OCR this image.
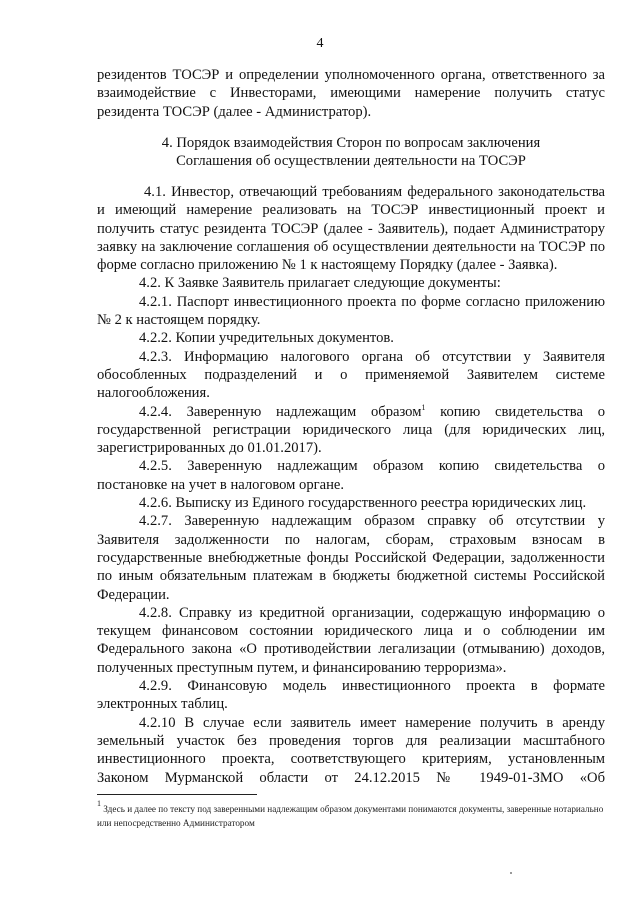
4

резидентов ТОСЭР и определении уполномоченного органа, ответственного за взаимодействие с Инвесторами, имеющими намерение получить статус резидента ТОСЭР (далее - Администратор).

4. Порядок взаимодействия Сторон по вопросам заключения

Соглашения об осуществлении деятельности на ТОСЭР

4.1. Инвестор, отвечающий требованиям федерального законодательства и имеющий намерение реализовать на ТОСЭР инвестиционный проект и получить статус резидента ТОСЭР (далее - Заявитель), подает Администратору заявку на заключение соглашения об осуществлении деятельности на ТОСЭР по форме согласно приложению № 1 к настоящему Порядку (далее - Заявка).

4.2. К Заявке Заявитель прилагает следующие документы:

4.2.1. Паспорт инвестиционного проекта по форме согласно приложению № 2 к настоящем порядку.

4.2.2. Копии учредительных документов.

4.2.3. Информацию налогового органа об отсутствии у Заявителя обособленных подразделений и о применяемой Заявителем системе налогообложения.

4.2.4. Заверенную надлежащим образом$^1$ копию свидетельства о государственной регистрации юридического лица (для юридических лиц, зарегистрированных до 01.01.2017).

4.2.5. Заверенную надлежащим образом копию свидетельства о постановке на учет в налоговом органе.

4.2.6. Выписку из Единого государственного реестра юридических лиц.

4.2.7. Заверенную надлежащим образом справку об отсутствии у Заявителя задолженности по налогам, сборам, страховым взносам в государственные внебюджетные фонды Российской Федерации, задолженности по иным обязательным платежам в бюджеты бюджетной системы Российской Федерации.

4.2.8. Справку из кредитной организации, содержащую информацию о текущем финансовом состоянии юридического лица и о соблюдении им Федерального закона «О противодействии легализации (отмыванию) доходов, полученных преступным путем, и финансированию терроризма».

4.2.9. Финансовую модель инвестиционного проекта в формате электронных таблиц.

4.2.10 В случае если заявитель имеет намерение получить в аренду земельный участок без проведения торгов для реализации масштабного инвестиционного проекта, соответствующего критериям, установленным Законом Мурманской области от 24.12.2015 № 1949-01-ЗМО «Об

$^1$ Здесь и далее по тексту под заверенными надлежащим образом документами понимаются документы, заверенные нотариально или непосредственно Администратором
